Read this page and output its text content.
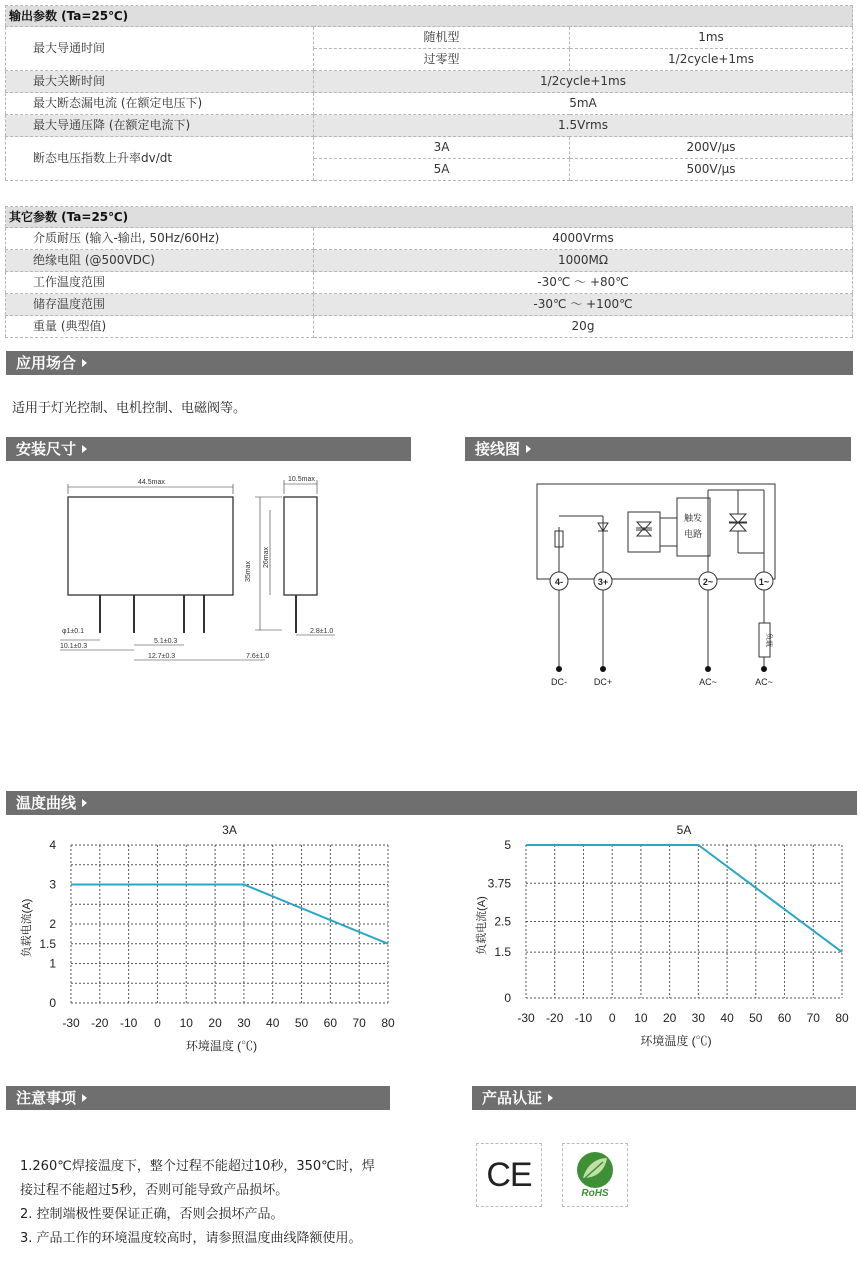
输出参数 (Ta=25℃)		
最大导通时间	随机型	1ms
	过零型	1/2cycle+1ms
最大关断时间	1/2cycle+1ms	
最大断态漏电流 (在额定电压下)	5mA	
最大导通压降 (在额定电流下)	1.5Vrms	
断态电压指数上升率dv/dt	3A	200V/μs
	5A	500V/μs
其它参数 (Ta=25℃)	
介质耐压 (输入-输出, 50Hz/60Hz)	4000Vrms
绝缘电阻 (@500VDC)	1000MΩ
工作温度范围	-30℃ ～ +80℃
储存温度范围	-30℃ ～ +100℃
重量 (典型值)	20g
应用场合
适用于灯光控制、电机控制、电磁阀等。
安装尺寸
44.5max	10.5max
35max
26max
φ1±0.1
10.1±0.3
5.1±0.3
12.7±0.3	7.6±1.0
2.8±1.0
接线图
触发
电路
负载
4-	3+	2~	1~
DC-	DC+	AC~	AC~
温度曲线
-30 -20 -10 0 10 20 30 40 50 60 70 80
0
1
1.5
2
3
4
3A
环境温度 (℃)
负载电流(A)
-30 -20 -10 0 10 20 30 40 50 60 70 80
0
1.5
2.5
3.75
5
5A
环境温度 (℃)
负载电流(A)
注意事项
1.260℃焊接温度下，整个过程不能超过10秒，350℃时，焊
接过程不能超过5秒，否则可能导致产品损坏。
2. 控制端极性要保证正确，否则会损坏产品。
3. 产品工作的环境温度较高时，请参照温度曲线降额使用。
产品认证
CE	RoHS
